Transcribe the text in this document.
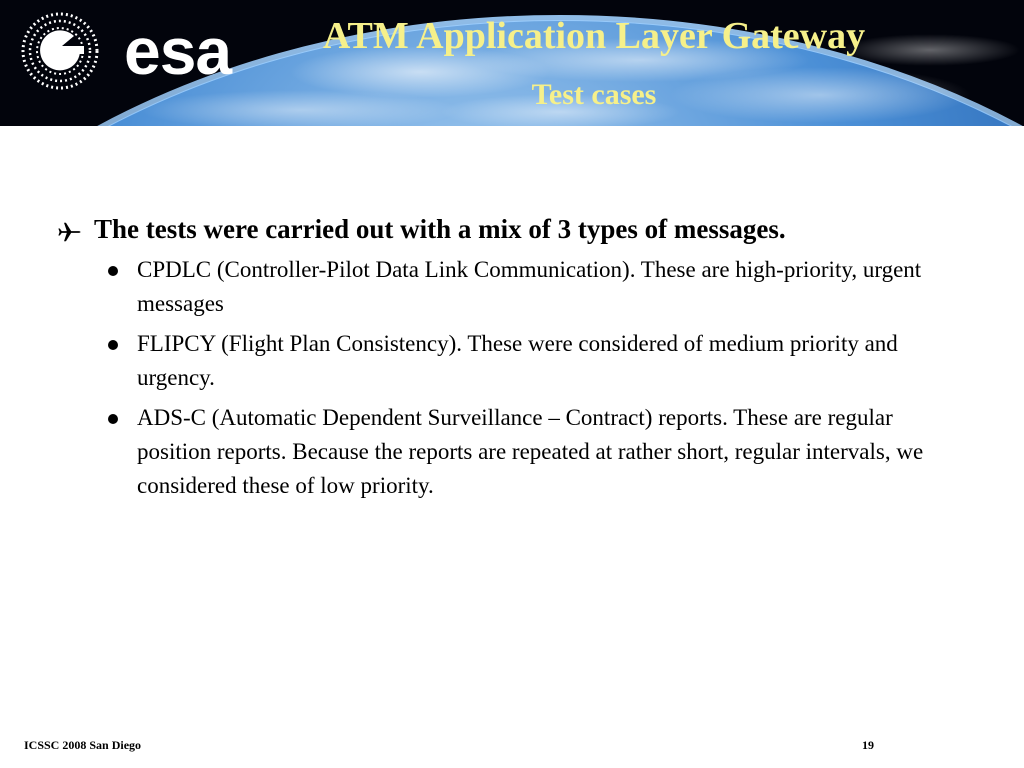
esa	ATM Application Layer Gateway
Test cases
The tests were carried out with a mix of 3 types of messages.
CPDLC (Controller-Pilot Data Link Communication). These are high-priority, urgent messages
FLIPCY (Flight Plan Consistency). These were considered of medium priority and urgency.
ADS-C (Automatic Dependent Surveillance – Contract) reports. These are regular position reports. Because the reports are repeated at rather short, regular intervals, we considered these of low priority.
ICSSC 2008 San Diego	19
